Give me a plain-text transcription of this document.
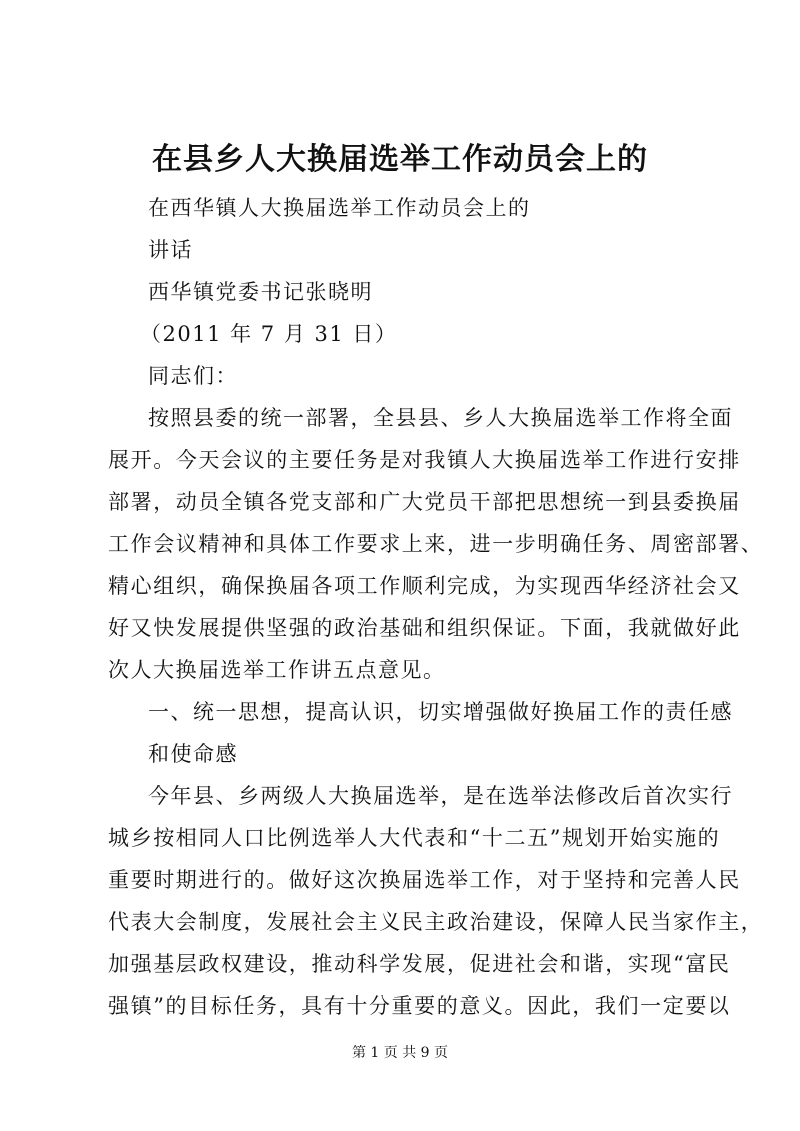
在县乡人大换届选举工作动员会上的
在西华镇人大换届选举工作动员会上的
讲话
西华镇党委书记张晓明
（2011 年 7 月 31 日）
同志们：
按照县委的统一部署，全县县、乡人大换届选举工作将全面
展开。今天会议的主要任务是对我镇人大换届选举工作进行安排
部署，动员全镇各党支部和广大党员干部把思想统一到县委换届
工作会议精神和具体工作要求上来，进一步明确任务、周密部署、
精心组织，确保换届各项工作顺利完成，为实现西华经济社会又
好又快发展提供坚强的政治基础和组织保证。下面，我就做好此
次人大换届选举工作讲五点意见。
一、统一思想，提高认识，切实增强做好换届工作的责任感
和使命感
今年县、乡两级人大换届选举，是在选举法修改后首次实行
城乡按相同人口比例选举人大代表和“十二五”规划开始实施的
重要时期进行的。做好这次换届选举工作，对于坚持和完善人民
代表大会制度，发展社会主义民主政治建设，保障人民当家作主，
加强基层政权建设，推动科学发展，促进社会和谐，实现“富民
强镇”的目标任务，具有十分重要的意义。因此，我们一定要以
第 1 页 共 9 页
